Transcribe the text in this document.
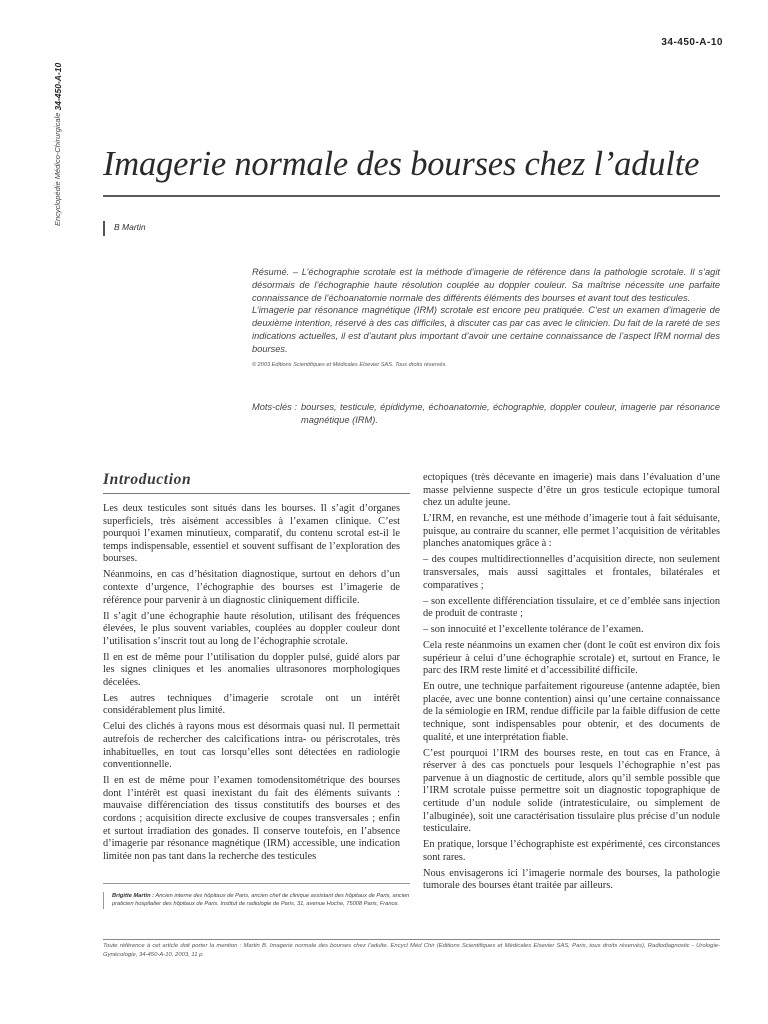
Encyclopédie Médico-Chirurgicale 34-450-A-10
34-450-A-10
Imagerie normale des bourses chez l’adulte
B Martin

Résumé. – L’échographie scrotale est la méthode d’imagerie de référence dans la pathologie scrotale. Il s’agit désormais de l’échographie haute résolution couplée au doppler couleur. Sa maîtrise nécessite une parfaite connaissance de l’échoanatomie normale des différents éléments des bourses et avant tout des testicules.

L’imagerie par résonance magnétique (IRM) scrotale est encore peu pratiquée. C’est un examen d’imagerie de deuxième intention, réservé à des cas difficiles, à discuter cas par cas avec le clinicien. Du fait de la rareté de ses indications actuelles, il est d’autant plus important d’avoir une certaine connaissance de l’aspect IRM normal des bourses.

© 2003 Editions Scientifiques et Médicales Elsevier SAS. Tous droits réservés.

Mots-clés : bourses, testicule, épididyme, échoanatomie, échographie, doppler couleur, imagerie par résonance magnétique (IRM).
Introduction

Les deux testicules sont situés dans les bourses. Il s’agit d’organes superficiels, très aisément accessibles à l’examen clinique. C’est pourquoi l’examen minutieux, comparatif, du contenu scrotal est-il le temps indispensable, essentiel et souvent suffisant de l’exploration des bourses.

Néanmoins, en cas d’hésitation diagnostique, surtout en dehors d’un contexte d’urgence, l’échographie des bourses est l’imagerie de référence pour parvenir à un diagnostic cliniquement difficile.

Il s’agit d’une échographie haute résolution, utilisant des fréquences élevées, le plus souvent variables, couplées au doppler couleur dont l’utilisation s’inscrit tout au long de l’échographie scrotale.

Il en est de même pour l’utilisation du doppler pulsé, guidé alors par les signes cliniques et les anomalies ultrasonores morphologiques décelées.

Les autres techniques d’imagerie scrotale ont un intérêt considérablement plus limité.

Celui des clichés à rayons mous est désormais quasi nul. Il permettait autrefois de rechercher des calcifications intra- ou périscrotales, très inhabituelles, en tout cas lorsqu’elles sont détectées en radiologie conventionnelle.

Il en est de même pour l’examen tomodensitométrique des bourses dont l’intérêt est quasi inexistant du fait des éléments suivants : mauvaise différenciation des tissus constitutifs des bourses et des cordons ; acquisition directe exclusive de coupes transversales ; enfin et surtout irradiation des gonades. Il conserve toutefois, en l’absence d’imagerie par résonance magnétique (IRM) accessible, une indication limitée non pas tant dans la recherche des testicules

ectopiques (très décevante en imagerie) mais dans l’évaluation d’une masse pelvienne suspecte d’être un gros testicule ectopique tumoral chez un adulte jeune.

L’IRM, en revanche, est une méthode d’imagerie tout à fait séduisante, puisque, au contraire du scanner, elle permet l’acquisition de véritables planches anatomiques grâce à :

– des coupes multidirectionnelles d’acquisition directe, non seulement transversales, mais aussi sagittales et frontales, bilatérales et comparatives ;

– son excellente différenciation tissulaire, et ce d’emblée sans injection de produit de contraste ;

– son innocuité et l’excellente tolérance de l’examen.

Cela reste néanmoins un examen cher (dont le coût est environ dix fois supérieur à celui d’une échographie scrotale) et, surtout en France, le parc des IRM reste limité et d’accessibilité difficile.

En outre, une technique parfaitement rigoureuse (antenne adaptée, bien placée, avec une bonne contention) ainsi qu’une certaine connaissance de la sémiologie en IRM, rendue difficile par la faible diffusion de cette technique, sont indispensables pour obtenir, et des documents de qualité, et une interprétation fiable.

C’est pourquoi l’IRM des bourses reste, en tout cas en France, à réserver à des cas ponctuels pour lesquels l’échographie n’est pas parvenue à un diagnostic de certitude, alors qu’il semble possible que l’IRM scrotale puisse permettre soit un diagnostic topographique de certitude d’un nodule solide (intratesticulaire, ou simplement de l’albuginée), soit une caractérisation tissulaire plus précise d’un nodule testiculaire.

En pratique, lorsque l’échographiste est expérimenté, ces circonstances sont rares.

Nous envisagerons ici l’imagerie normale des bourses, la pathologie tumorale des bourses étant traitée par ailleurs.

Brigitte Martin : Ancien interne des hôpitaux de Paris, ancien chef de clinique assistant des hôpitaux de Paris, ancien praticien hospitalier des hôpitaux de Paris. Institut de radiologie de Paris, 31, avenue Hoche, 75008 Paris, France.
Toute référence à cet article doit porter la mention : Martin B. Imagerie normale des bourses chez l’adulte. Encycl Méd Chir (Editions Scientifiques et Médicales Elsevier SAS, Paris, tous droits réservés), Radiodiagnostic - Urologie-Gynécologie, 34-450-A-10, 2003, 11 p.
